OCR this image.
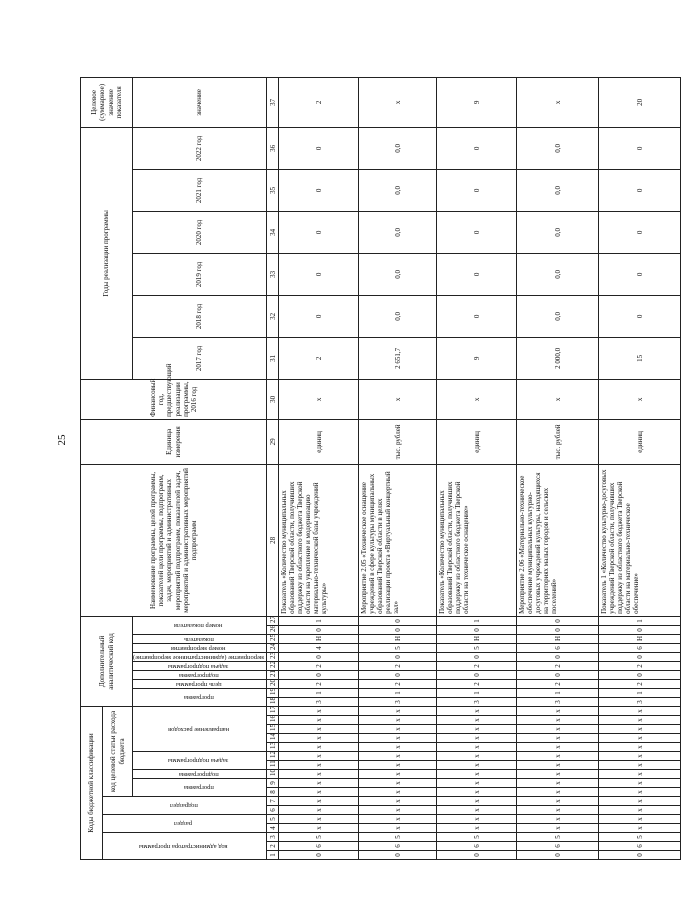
25
Коды бюджетной классификации																	Дополнительный аналитический код										Наименование программы, целей программы, показателей цели программы, подпрограмм, задач, мероприятий и административных мероприятий подпрограмм, показателей задач, мероприятий и административных мероприятий подпрограмм	Единица измерения	Финансовый год, предшествующий реализации программы, 2016 год	Годы реализации программы						Целевое (суммарное) значение показателя
код администратора программы			раздел		подраздел		код целевой статьи расхода бюджета																													
							программа		подпрограмма	задача подпрограммы		направление расходов					программа		цель программы	подпрограмма	задача подпрограммы	мероприятие (административное мероприятие)	номер мероприятия	показатель	номер показателя					2017 год	2018 год	2019 год	2020 год	2021 год	2022 год	значение
1	2	3	4	5	6	7	8	9	10	11	12	13	14	15	16	17	18	19	20	21	22	23	24	25	26	27	28	29	30	31	32	33	34	35	36	37
0	6	5	х	х	х	х	х	х	х	х	х	х	х	х	х	х	3	1	2	0	2	0	4	Н	0	1	Показатель «Количество муниципальных образований Тверской области, получивших поддержку из областного бюджета Тверской области на укрепление и модернизацию материально-технической базы учреждений культуры»	единиц	х	2	0	0	0	0	0	2
0	6	5	х	х	х	х	х	х	х	х	х	х	х	х	х	х	3	1	2	0	2	0	5	Н	0	0	Мероприятие 2.05 «Техническое оснащение учреждений в сфере культуры муниципальных образований Тверской области в целях реализации проекта «Виртуальный концертный зал»	тыс. рублей	х	2 651,7	0,0	0,0	0,0	0,0	0,0	х
0	6	5	х	х	х	х	х	х	х	х	х	х	х	х	х	х	3	1	2	0	2	0	5	Н	0	1	Показатель «Количество муниципальных образований Тверской области, получивших поддержку из областного бюджета Тверской области на техническое оснащение»	единиц	х	9	0	0	0	0	0	9
0	6	5	х	х	х	х	х	х	х	х	х	х	х	х	х	х	3	1	2	0	2	0	6	Н	0	0	Мероприятие 2.06 «Материально-техническое обеспечение муниципальных культурно-досуговых учреждений культуры, находящихся на территориях малых городов и сельских поселений»	тыс. рублей	х	2 000,0	0,0	0,0	0,0	0,0	0,0	х
0	6	5	х	х	х	х	х	х	х	х	х	х	х	х	х	х	3	1	2	0	2	0	6	Н	0	1	Показатель 1 «Количество культурно-досуговых учреждений Тверской области, получивших поддержку из областного бюджета Тверской области на материально-техническое обеспечение»	единиц	х	15	0	0	0	0	0	20
